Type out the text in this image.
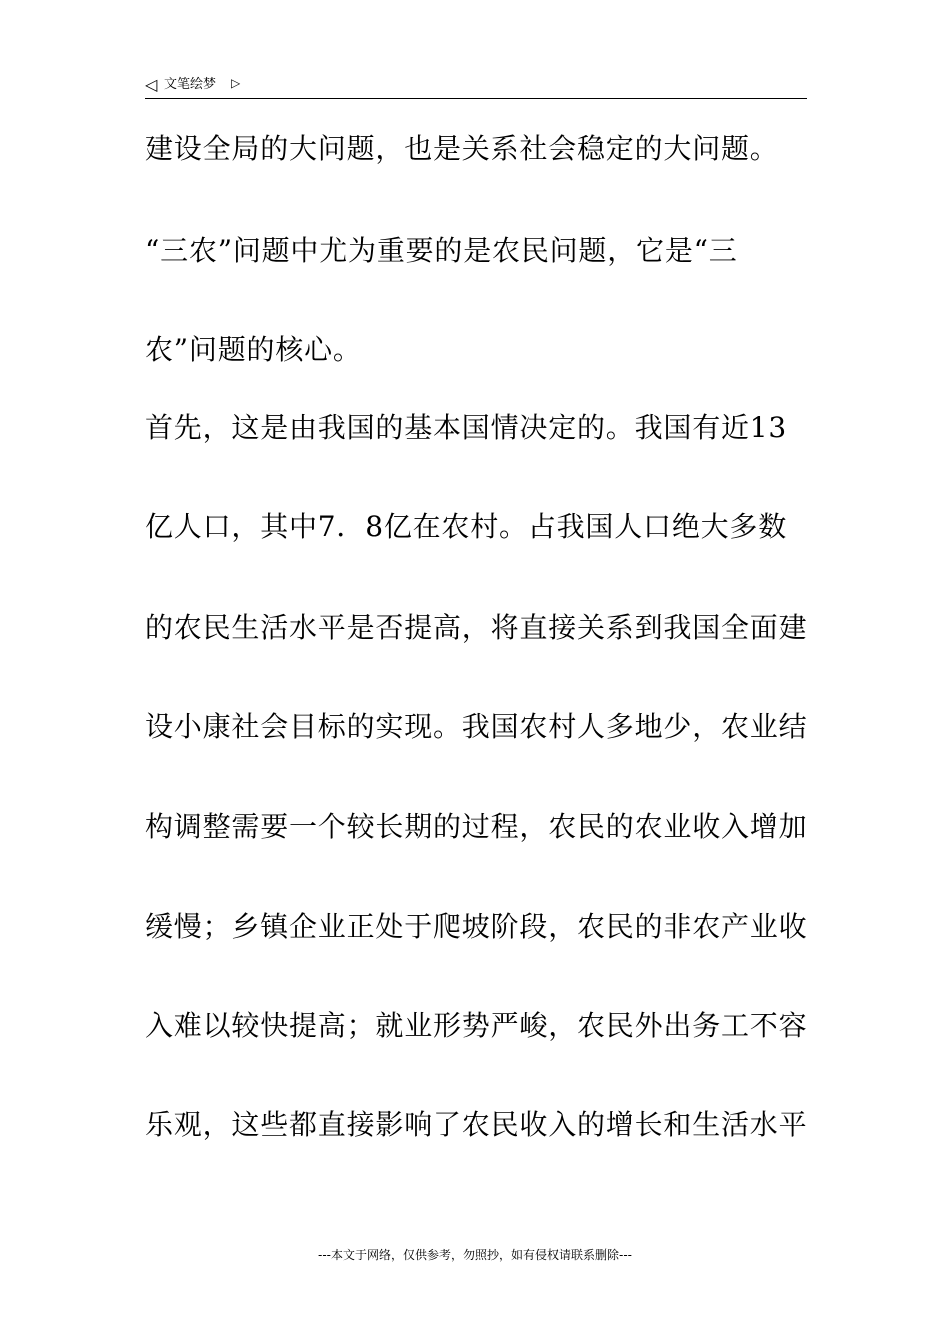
◁ 文笔绘梦 ▷
建设全局的大问题，也是关系社会稳定的大问题。
“三农”问题中尤为重要的是农民问题，它是“三
农”问题的核心。
首先，这是由我国的基本国情决定的。我国有近13
亿人口，其中7．8亿在农村。占我国人口绝大多数
的农民生活水平是否提高，将直接关系到我国全面建
设小康社会目标的实现。我国农村人多地少，农业结
构调整需要一个较长期的过程，农民的农业收入增加
缓慢；乡镇企业正处于爬坡阶段，农民的非农产业收
入难以较快提高；就业形势严峻，农民外出务工不容
乐观，这些都直接影响了农民收入的增长和生活水平
---本文于网络，仅供参考，勿照抄，如有侵权请联系删除---
